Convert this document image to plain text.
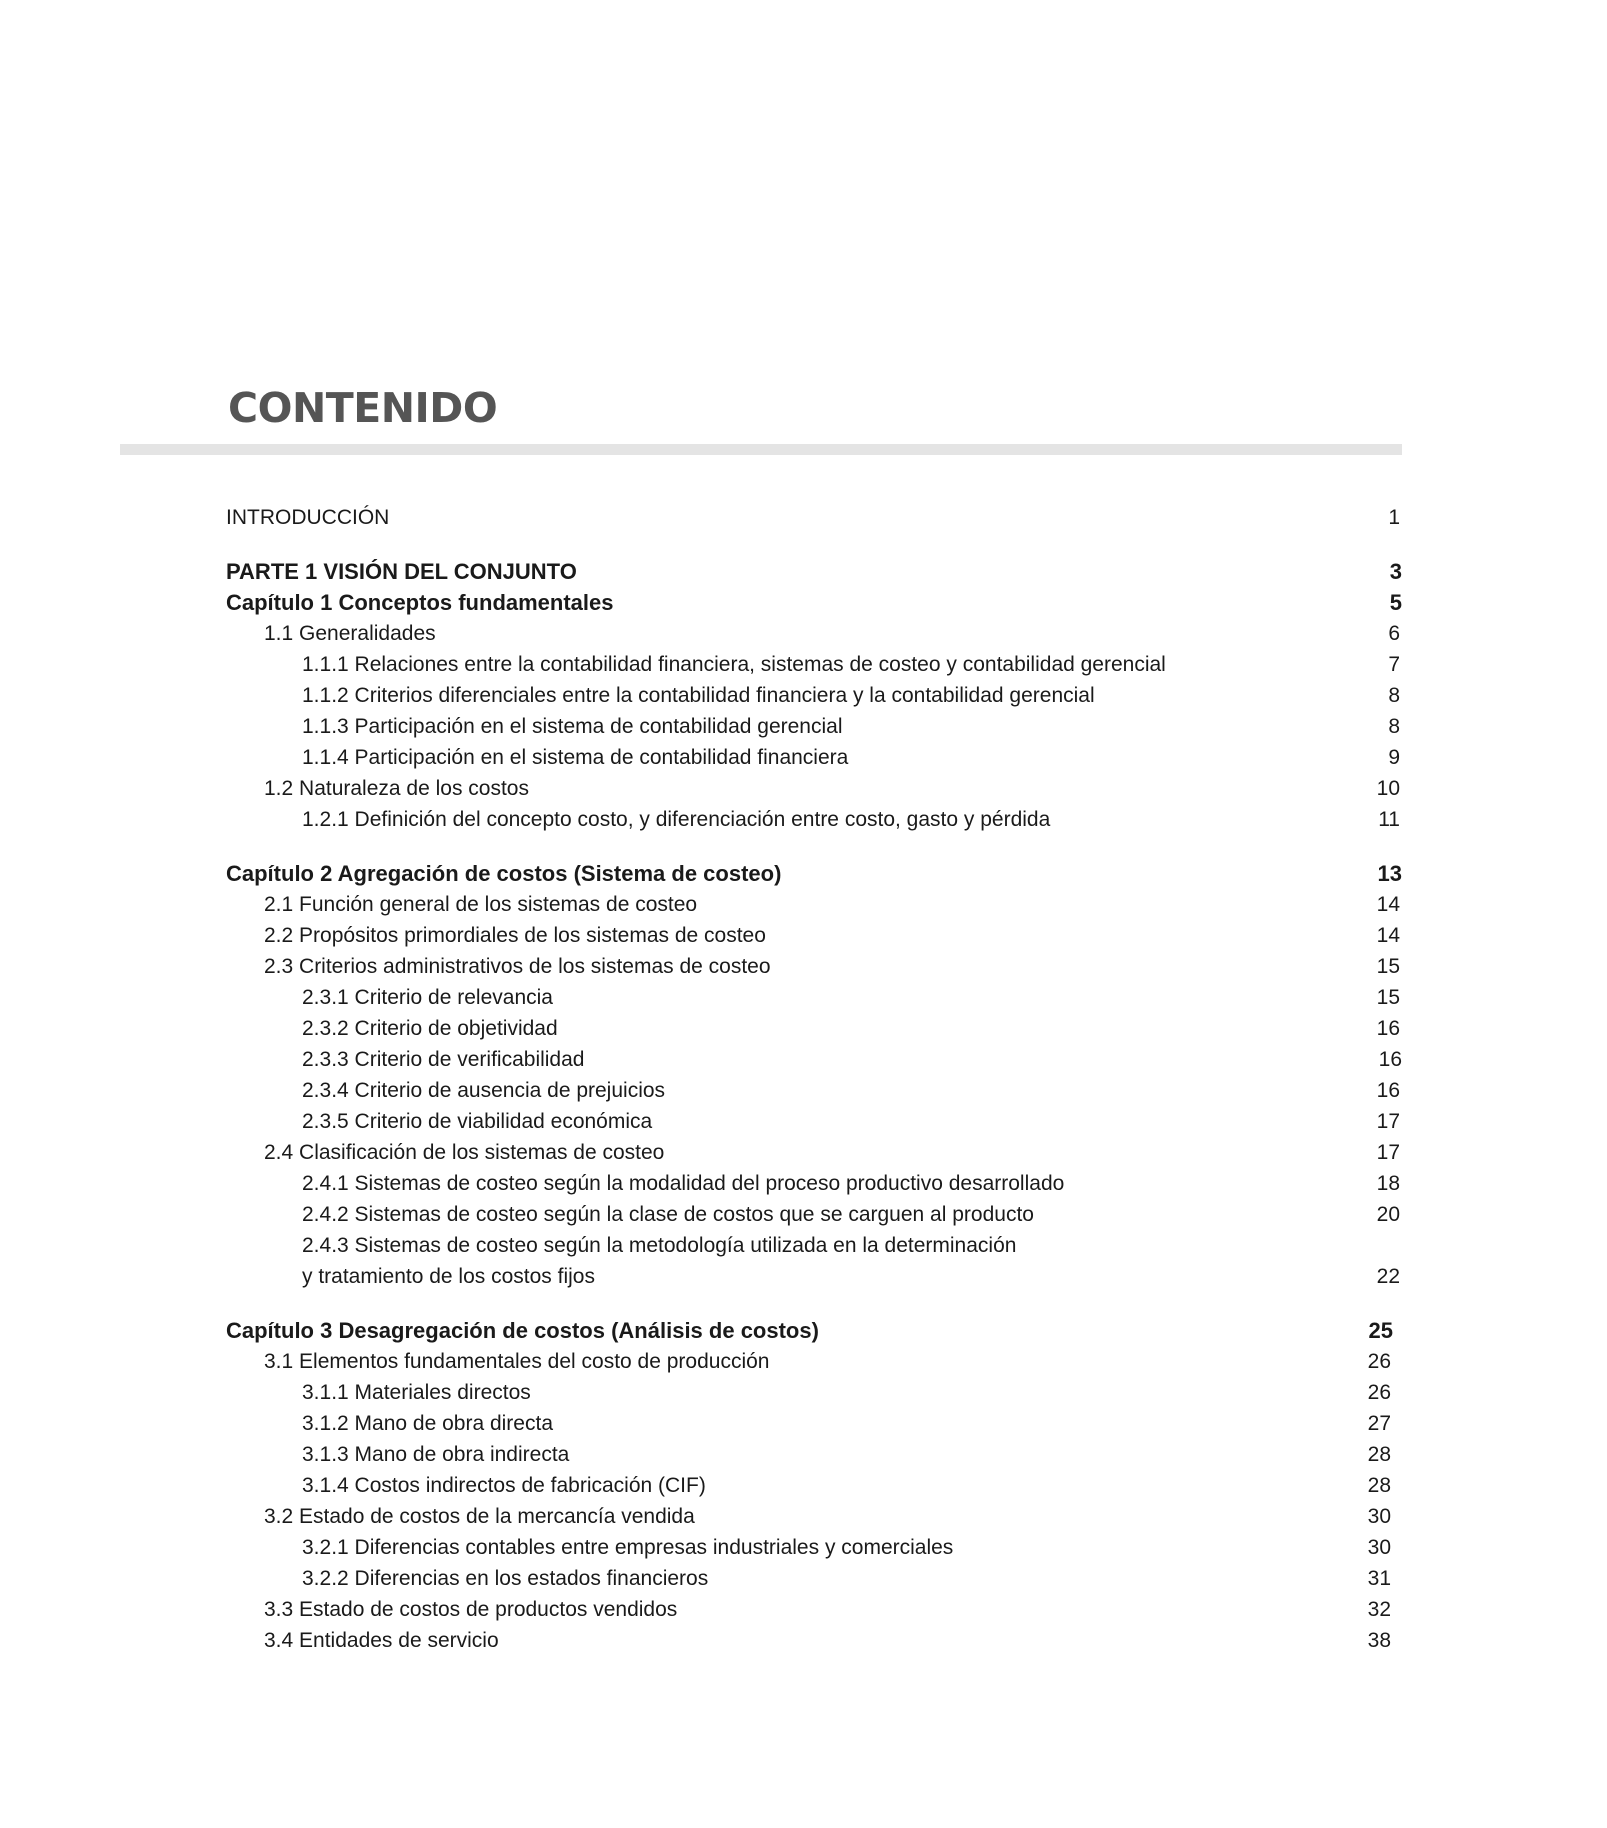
CONTENIDO
INTRODUCCIÓN	1
PARTE 1 VISIÓN DEL CONJUNTO	3
Capítulo 1 Conceptos fundamentales	5
1.1 Generalidades	6
1.1.1 Relaciones entre la contabilidad financiera, sistemas de costeo y contabilidad gerencial	7
1.1.2 Criterios diferenciales entre la contabilidad financiera y la contabilidad gerencial	8
1.1.3 Participación en el sistema de contabilidad gerencial	8
1.1.4 Participación en el sistema de contabilidad financiera	9
1.2 Naturaleza de los costos	10
1.2.1 Definición del concepto costo, y diferenciación entre costo, gasto y pérdida	11
Capítulo 2 Agregación de costos (Sistema de costeo)	13
2.1 Función general de los sistemas de costeo	14
2.2 Propósitos primordiales de los sistemas de costeo	14
2.3 Criterios administrativos de los sistemas de costeo	15
2.3.1 Criterio de relevancia	15
2.3.2 Criterio de objetividad	16
2.3.3 Criterio de verificabilidad	16
2.3.4 Criterio de ausencia de prejuicios	16
2.3.5 Criterio de viabilidad económica	17
2.4 Clasificación de los sistemas de costeo	17
2.4.1 Sistemas de costeo según la modalidad del proceso productivo desarrollado	18
2.4.2 Sistemas de costeo según la clase de costos que se carguen al producto	20
2.4.3 Sistemas de costeo según la metodología utilizada en la determinación
y tratamiento de los costos fijos	22
Capítulo 3 Desagregación de costos (Análisis de costos)	25
3.1 Elementos fundamentales del costo de producción	26
3.1.1 Materiales directos	26
3.1.2 Mano de obra directa	27
3.1.3 Mano de obra indirecta	28
3.1.4 Costos indirectos de fabricación (CIF)	28
3.2 Estado de costos de la mercancía vendida	30
3.2.1 Diferencias contables entre empresas industriales y comerciales	30
3.2.2 Diferencias en los estados financieros	31
3.3 Estado de costos de productos vendidos	32
3.4 Entidades de servicio	38
